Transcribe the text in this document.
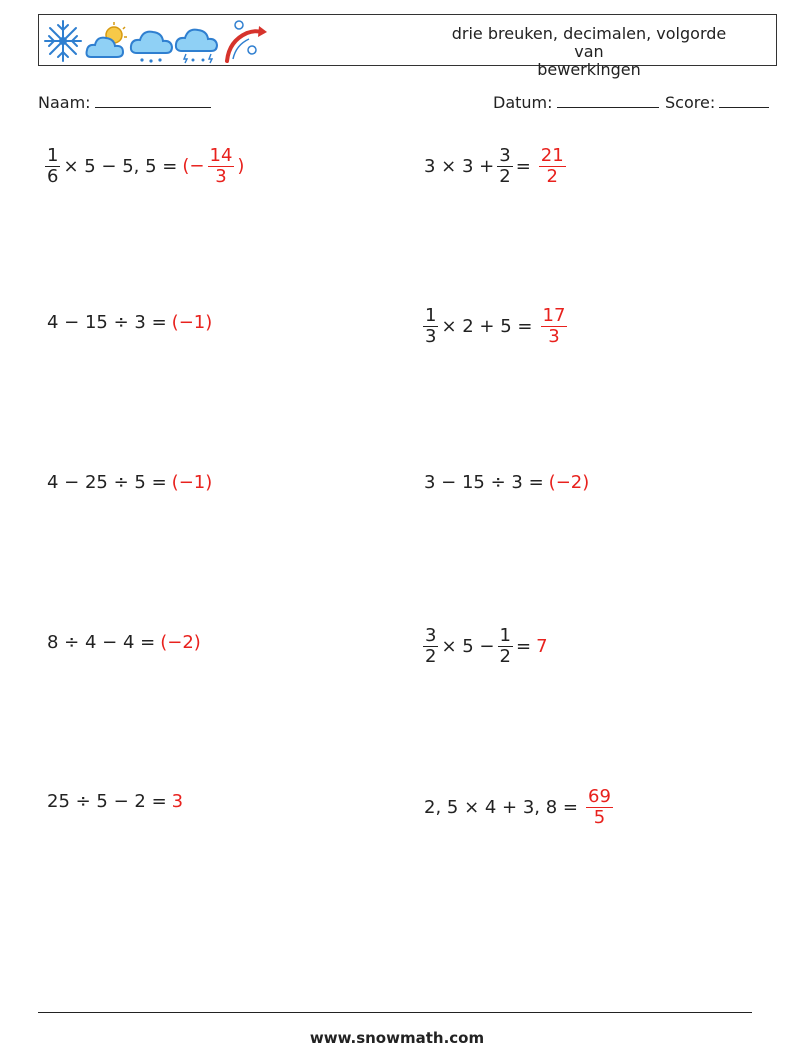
drie breuken, decimalen, volgorde van
bewerkingen
Naam:	Datum:	Score:
$\frac{1}{6} \times 5 - 5$, 5 = (− $\frac{14}{3}$ )	$3 \times 3 + \frac{3}{2} = \frac{21}{2}$
4 − 15 ÷ 3 = (−1)	$\frac{1}{3} \times 2 + 5 = \frac{17}{3}$
4 − 25 ÷ 5 = (−1)	3 − 15 ÷ 3 = (−2)
8 ÷ 4 − 4 = (−2)	$\frac{3}{2} \times 5 - \frac{1}{2} = 7$
25 ÷ 5 − 2 = 3	2, 5 × 4 + 3, $8 = \frac{69}{5}$
www.snowmath.com
